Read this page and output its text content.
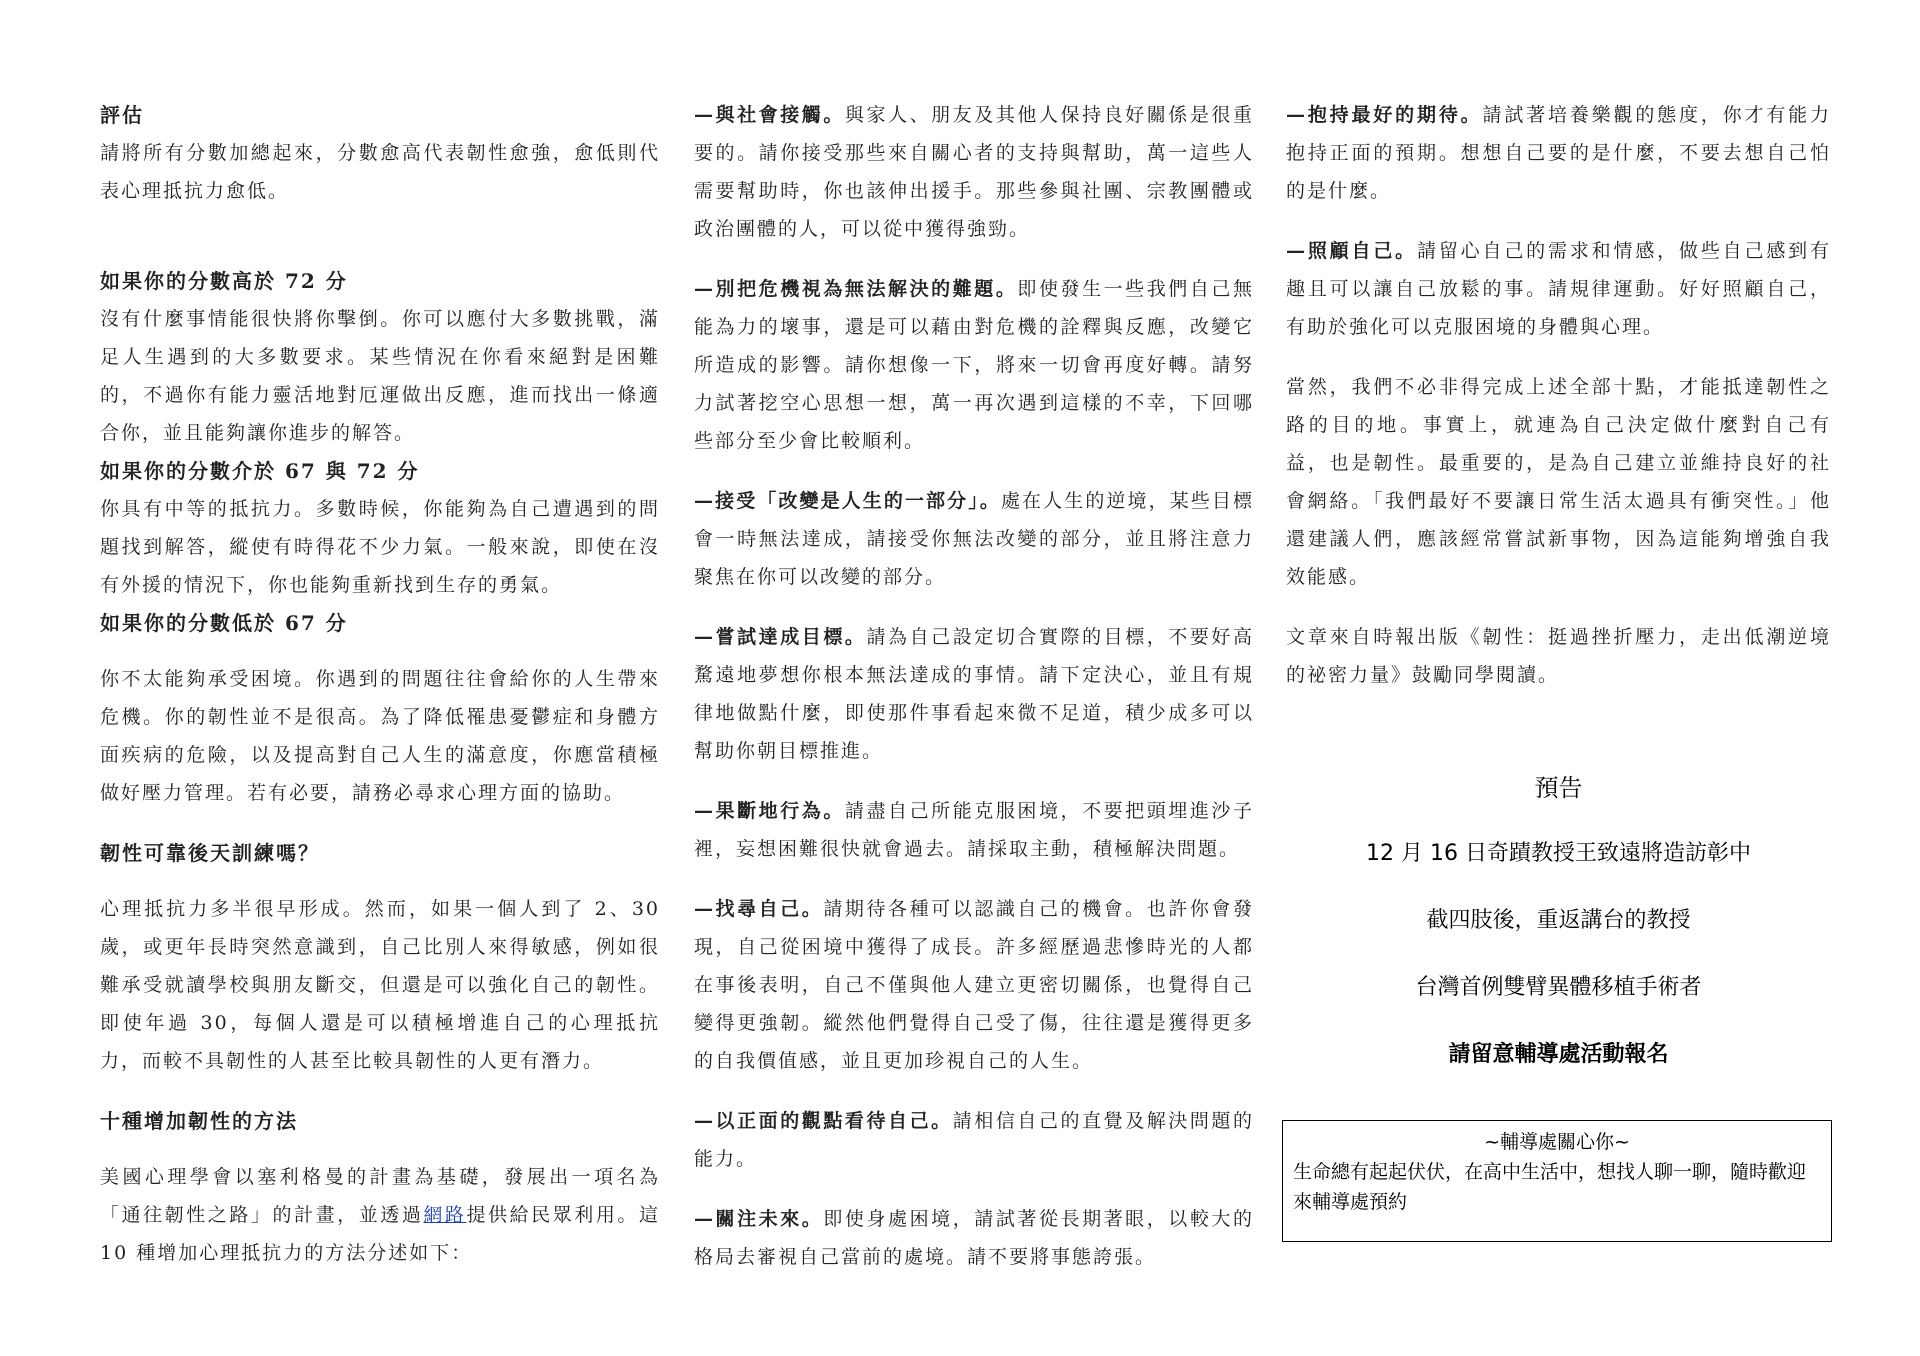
評估

請將所有分數加總起來，分數愈高代表韌性愈強，愈低則代表心理抵抗力愈低。

如果你的分數高於 72 分

沒有什麼事情能很快將你擊倒。你可以應付大多數挑戰，滿足人生遇到的大多數要求。某些情況在你看來絕對是困難的，不過你有能力靈活地對厄運做出反應，進而找出一條適合你，並且能夠讓你進步的解答。

如果你的分數介於 67 與 72 分

你具有中等的抵抗力。多數時候，你能夠為自己遭遇到的問題找到解答，縱使有時得花不少力氣。一般來說，即使在沒有外援的情況下，你也能夠重新找到生存的勇氣。

如果你的分數低於 67 分

你不太能夠承受困境。你遇到的問題往往會給你的人生帶來危機。你的韌性並不是很高。為了降低罹患憂鬱症和身體方面疾病的危險，以及提高對自己人生的滿意度，你應當積極做好壓力管理。若有必要，請務必尋求心理方面的協助。

韌性可靠後天訓練嗎？

心理抵抗力多半很早形成。然而，如果一個人到了 2、30 歲，或更年長時突然意識到，自己比別人來得敏感，例如很難承受就讀學校與朋友斷交，但還是可以強化自己的韌性。即使年過 30，每個人還是可以積極增進自己的心理抵抗力，而較不具韌性的人甚至比較具韌性的人更有潛力。

十種增加韌性的方法

美國心理學會以塞利格曼的計畫為基礎，發展出一項名為「通往韌性之路」的計畫，並透過網路提供給民眾利用。這 10 種增加心理抵抗力的方法分述如下：

—與社會接觸。與家人、朋友及其他人保持良好關係是很重要的。請你接受那些來自關心者的支持與幫助，萬一這些人需要幫助時，你也該伸出援手。那些參與社團、宗教團體或政治團體的人，可以從中獲得強勁。

—別把危機視為無法解決的難題。即使發生一些我們自己無能為力的壞事，還是可以藉由對危機的詮釋與反應，改變它所造成的影響。請你想像一下，將來一切會再度好轉。請努力試著挖空心思想一想，萬一再次遇到這樣的不幸，下回哪些部分至少會比較順利。

—接受「改變是人生的一部分」。處在人生的逆境，某些目標會一時無法達成，請接受你無法改變的部分，並且將注意力聚焦在你可以改變的部分。

—嘗試達成目標。請為自己設定切合實際的目標，不要好高騖遠地夢想你根本無法達成的事情。請下定決心，並且有規律地做點什麼，即使那件事看起來微不足道，積少成多可以幫助你朝目標推進。

—果斷地行為。請盡自己所能克服困境，不要把頭埋進沙子裡，妄想困難很快就會過去。請採取主動，積極解決問題。

—找尋自己。請期待各種可以認識自己的機會。也許你會發現，自己從困境中獲得了成長。許多經歷過悲慘時光的人都在事後表明，自己不僅與他人建立更密切關係，也覺得自己變得更強韌。縱然他們覺得自己受了傷，往往還是獲得更多的自我價值感，並且更加珍視自己的人生。

—以正面的觀點看待自己。請相信自己的直覺及解決問題的能力。

—關注未來。即使身處困境，請試著從長期著眼，以較大的格局去審視自己當前的處境。請不要將事態誇張。

—抱持最好的期待。請試著培養樂觀的態度，你才有能力抱持正面的預期。想想自己要的是什麼，不要去想自己怕的是什麼。

—照顧自己。請留心自己的需求和情感，做些自己感到有趣且可以讓自己放鬆的事。請規律運動。好好照顧自己，有助於強化可以克服困境的身體與心理。

當然，我們不必非得完成上述全部十點，才能抵達韌性之路的目的地。事實上，就連為自己決定做什麼對自己有益，也是韌性。最重要的，是為自己建立並維持良好的社會網絡。「我們最好不要讓日常生活太過具有衝突性。」他還建議人們，應該經常嘗試新事物，因為這能夠增強自我效能感。

文章來自時報出版《韌性：挺過挫折壓力，走出低潮逆境的祕密力量》鼓勵同學閱讀。

預告
12 月 16 日奇蹟教授王致遠將造訪彰中
截四肢後，重返講台的教授
台灣首例雙臂異體移植手術者
請留意輔導處活動報名
~輔導處關心你~
生命總有起起伏伏，在高中生活中，想找人聊一聊，隨時歡迎來輔導處預約
